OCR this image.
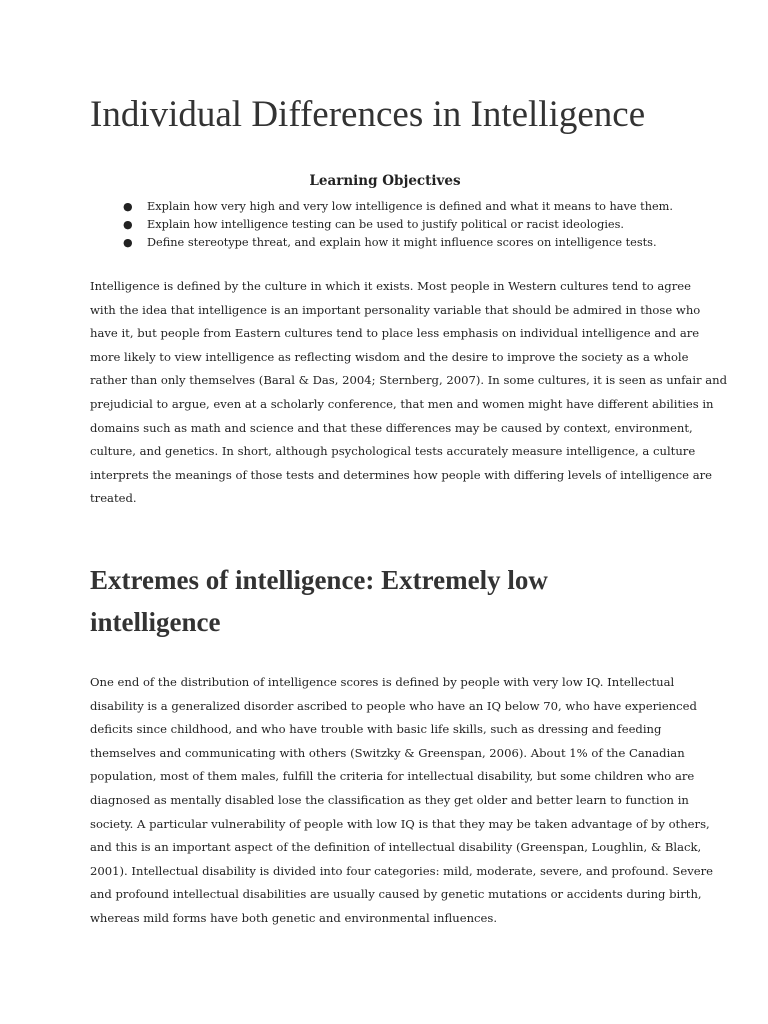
Individual Differences in Intelligence
Learning Objectives
● Explain how very high and very low intelligence is defined and what it means to have them.
● Explain how intelligence testing can be used to justify political or racist ideologies.
● Define stereotype threat, and explain how it might influence scores on intelligence tests.

Intelligence is defined by the culture in which it exists. Most people in Western cultures tend to agree
with the idea that intelligence is an important personality variable that should be admired in those who
have it, but people from Eastern cultures tend to place less emphasis on individual intelligence and are
more likely to view intelligence as reflecting wisdom and the desire to improve the society as a whole
rather than only themselves (Baral & Das, 2004; Sternberg, 2007). In some cultures, it is seen as unfair and
prejudicial to argue, even at a scholarly conference, that men and women might have different abilities in
domains such as math and science and that these differences may be caused by context, environment,
culture, and genetics. In short, although psychological tests accurately measure intelligence, a culture
interprets the meanings of those tests and determines how people with differing levels of intelligence are
treated.

Extremes of intelligence: Extremely low
intelligence

One end of the distribution of intelligence scores is defined by people with very low IQ. Intellectual
disability is a generalized disorder ascribed to people who have an IQ below 70, who have experienced
deficits since childhood, and who have trouble with basic life skills, such as dressing and feeding
themselves and communicating with others (Switzky & Greenspan, 2006). About 1% of the Canadian
population, most of them males, fulfill the criteria for intellectual disability, but some children who are
diagnosed as mentally disabled lose the classification as they get older and better learn to function in
society. A particular vulnerability of people with low IQ is that they may be taken advantage of by others,
and this is an important aspect of the definition of intellectual disability (Greenspan, Loughlin, & Black,
2001). Intellectual disability is divided into four categories: mild, moderate, severe, and profound. Severe
and profound intellectual disabilities are usually caused by genetic mutations or accidents during birth,
whereas mild forms have both genetic and environmental influences.
